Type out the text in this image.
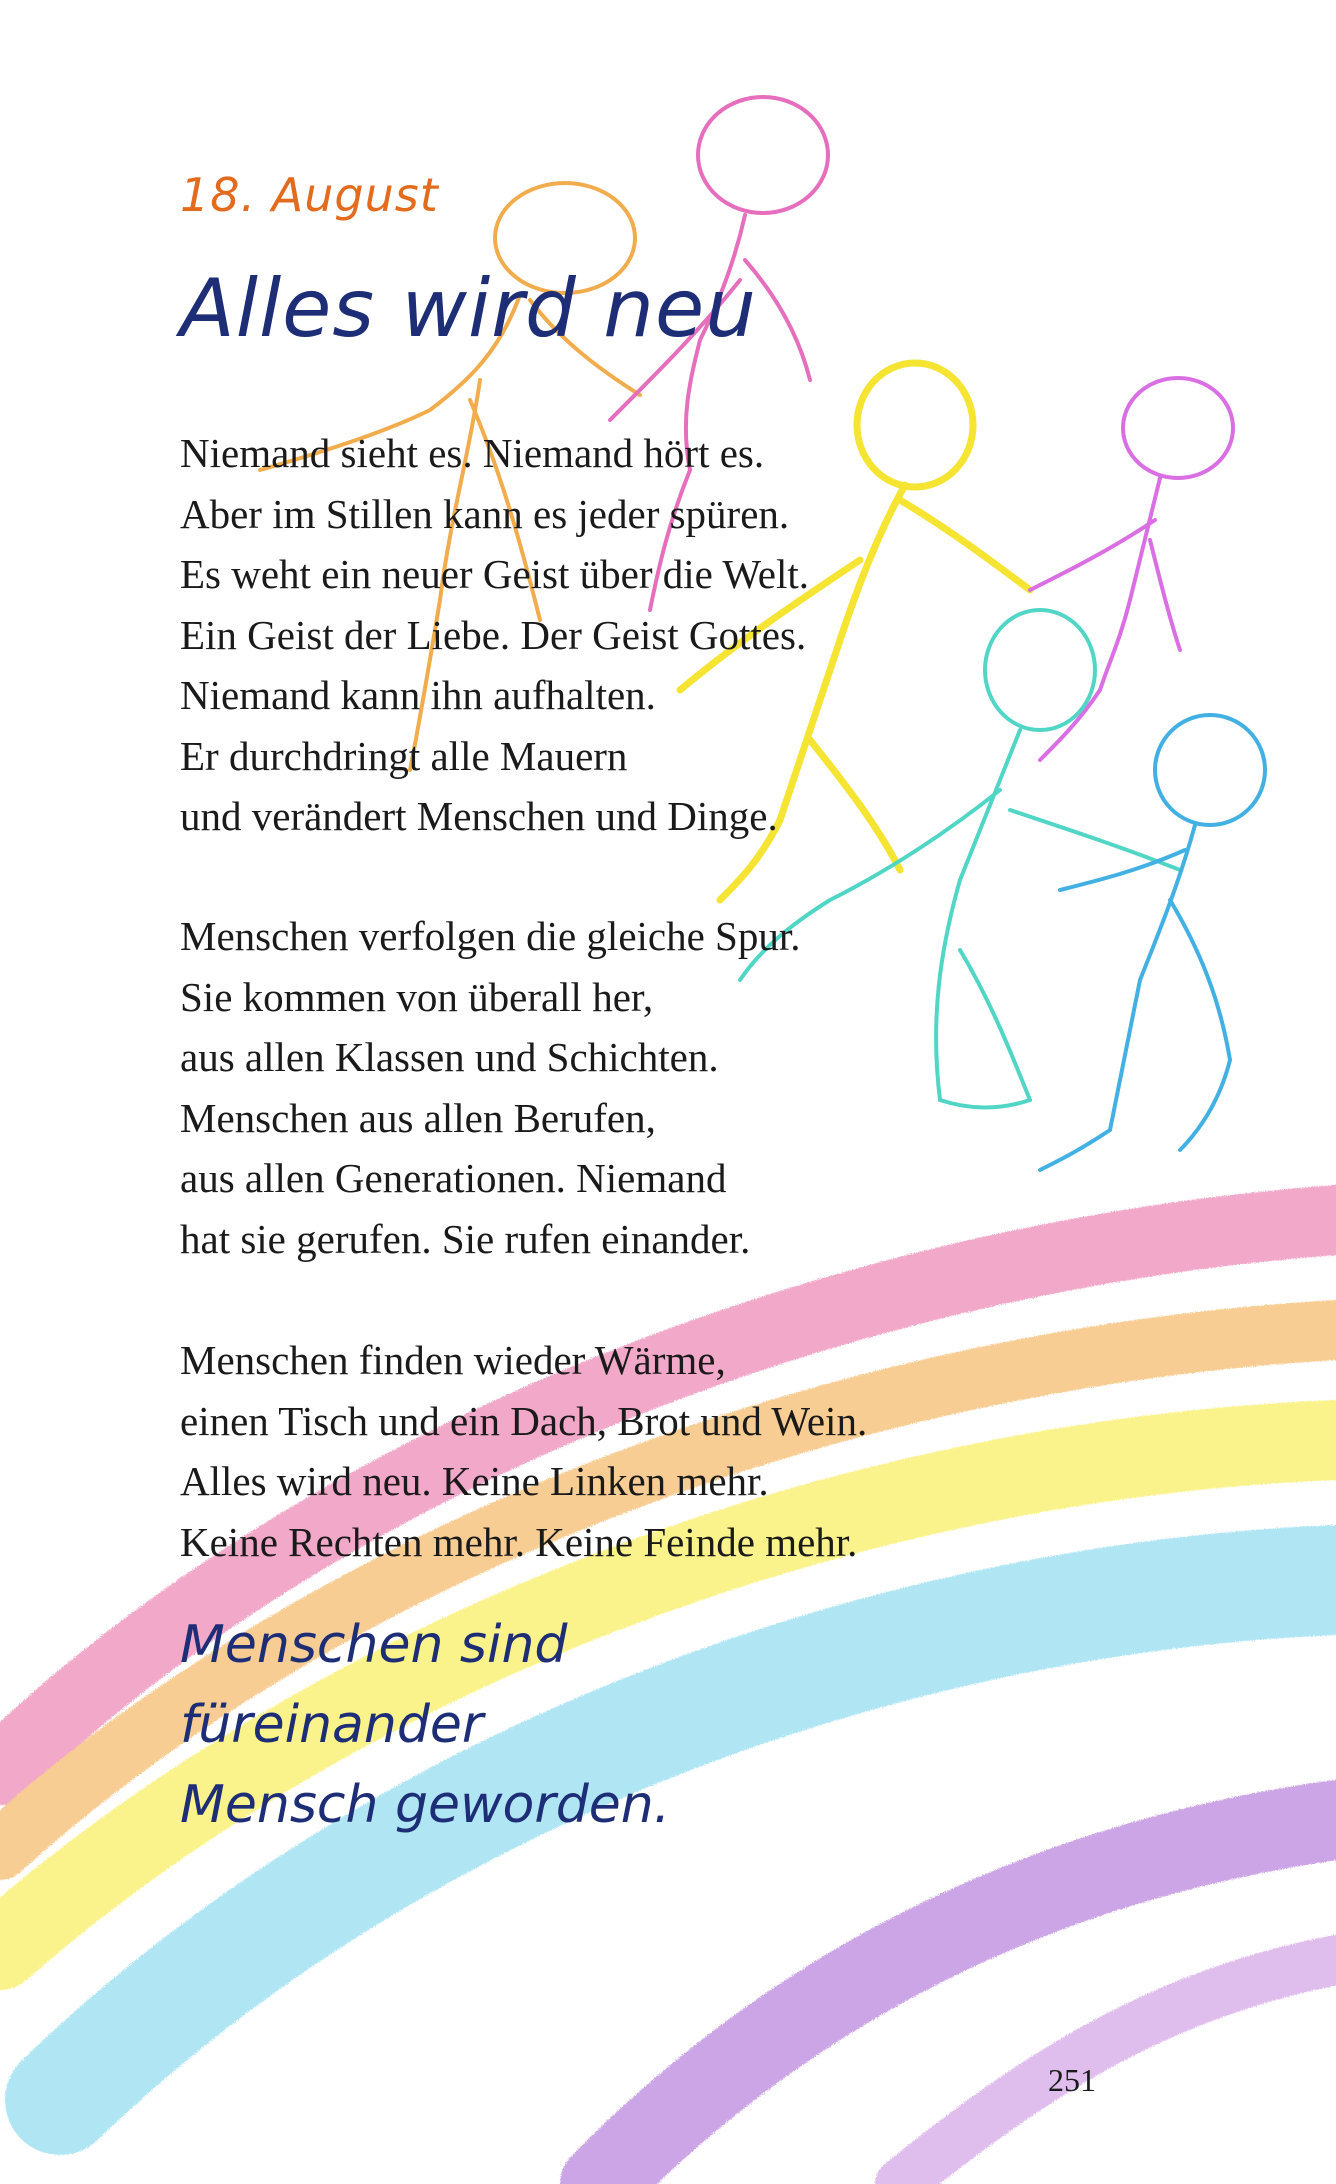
18. August
Alles wird neu
Niemand sieht es. Niemand hört es.
Aber im Stillen kann es jeder spüren.
Es weht ein neuer Geist über die Welt.
Ein Geist der Liebe. Der Geist Gottes.
Niemand kann ihn aufhalten.
Er durchdringt alle Mauern
und verändert Menschen und Dinge.
Menschen verfolgen die gleiche Spur.
Sie kommen von überall her,
aus allen Klassen und Schichten.
Menschen aus allen Berufen,
aus allen Generationen. Niemand
hat sie gerufen. Sie rufen einander.
Menschen finden wieder Wärme,
einen Tisch und ein Dach, Brot und Wein.
Alles wird neu. Keine Linken mehr.
Keine Rechten mehr. Keine Feinde mehr.
Menschen sind
füreinander
Mensch geworden.
251
